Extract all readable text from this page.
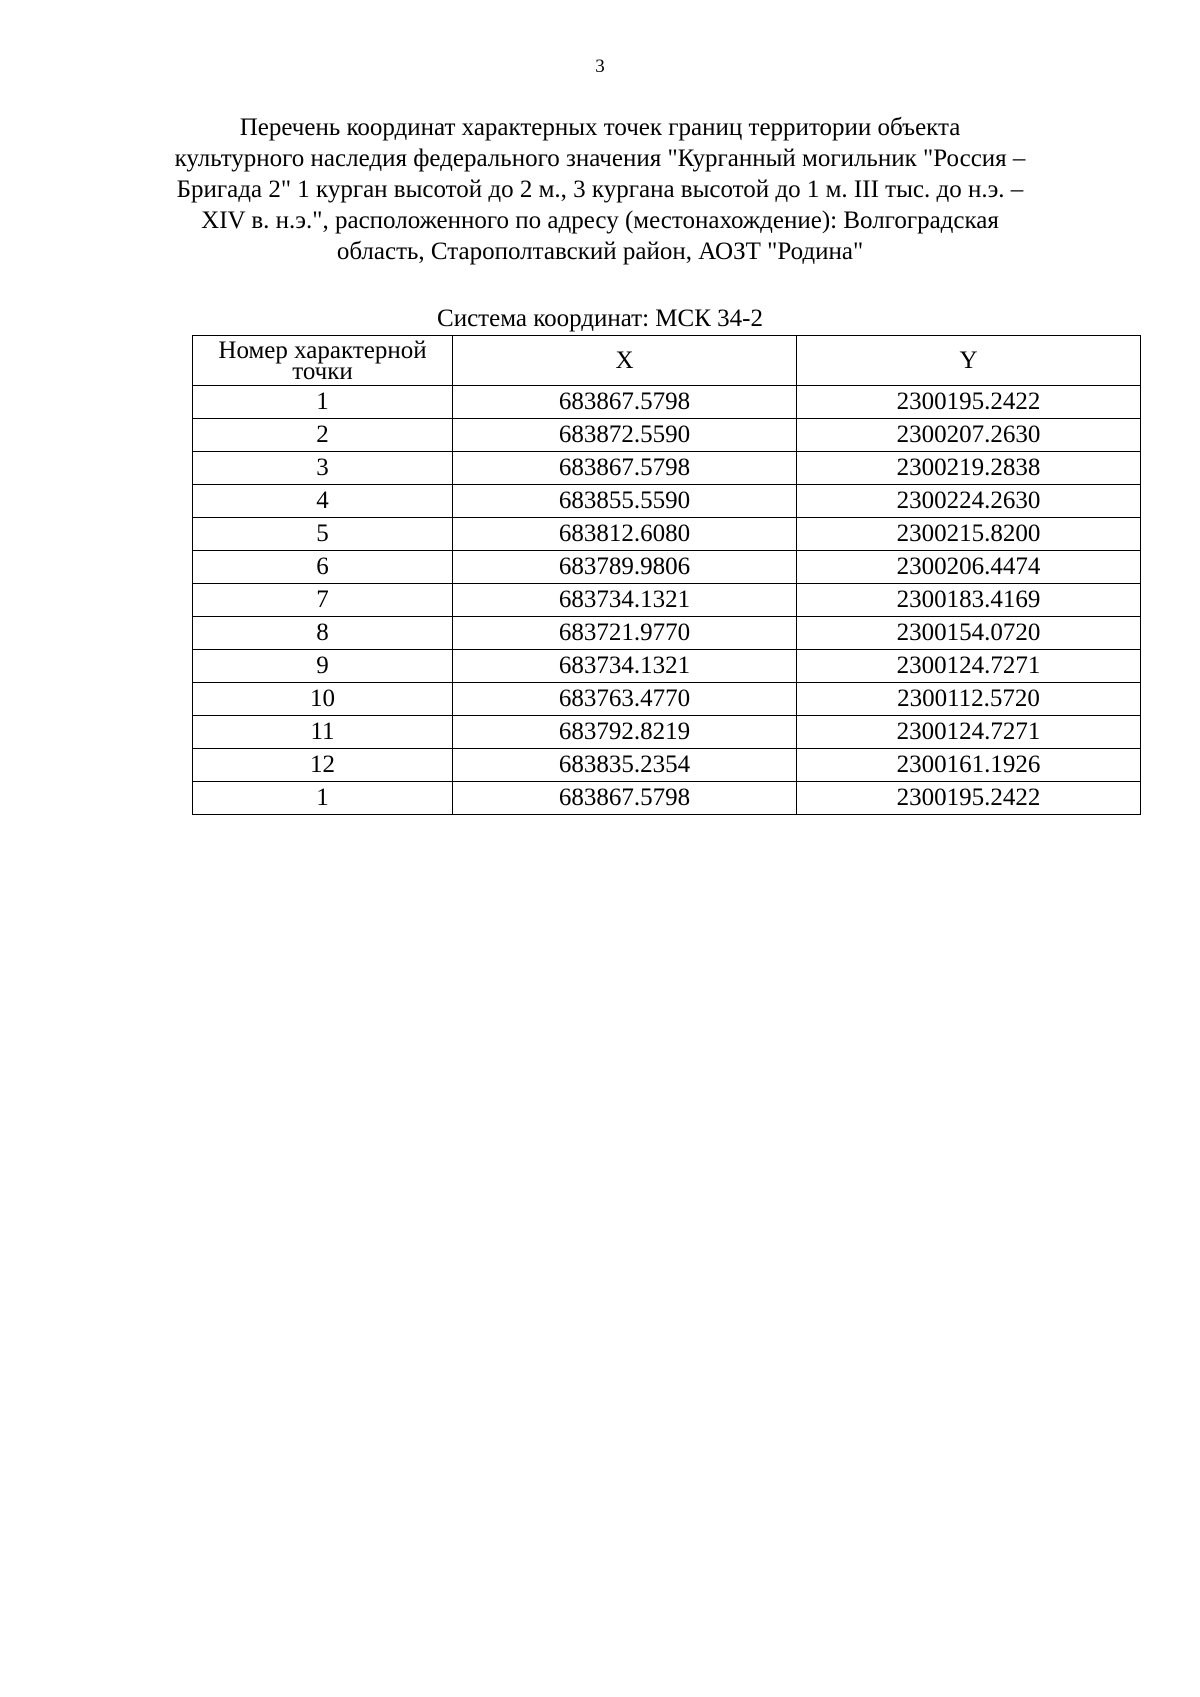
3
Перечень координат характерных точек границ территории объекта
культурного наследия федерального значения "Курганный могильник "Россия –
Бригада 2" 1 курган высотой до 2 м., 3 кургана высотой до 1 м. III тыс. до н.э. –
XIV в. н.э.", расположенного по адресу (местонахождение): Волгоградская
область, Старополтавский район, АОЗТ "Родина"
Система координат: МСК 34-2
Номер характерной точки	X	Y
1	683867.5798	2300195.2422
2	683872.5590	2300207.2630
3	683867.5798	2300219.2838
4	683855.5590	2300224.2630
5	683812.6080	2300215.8200
6	683789.9806	2300206.4474
7	683734.1321	2300183.4169
8	683721.9770	2300154.0720
9	683734.1321	2300124.7271
10	683763.4770	2300112.5720
11	683792.8219	2300124.7271
12	683835.2354	2300161.1926
1	683867.5798	2300195.2422
